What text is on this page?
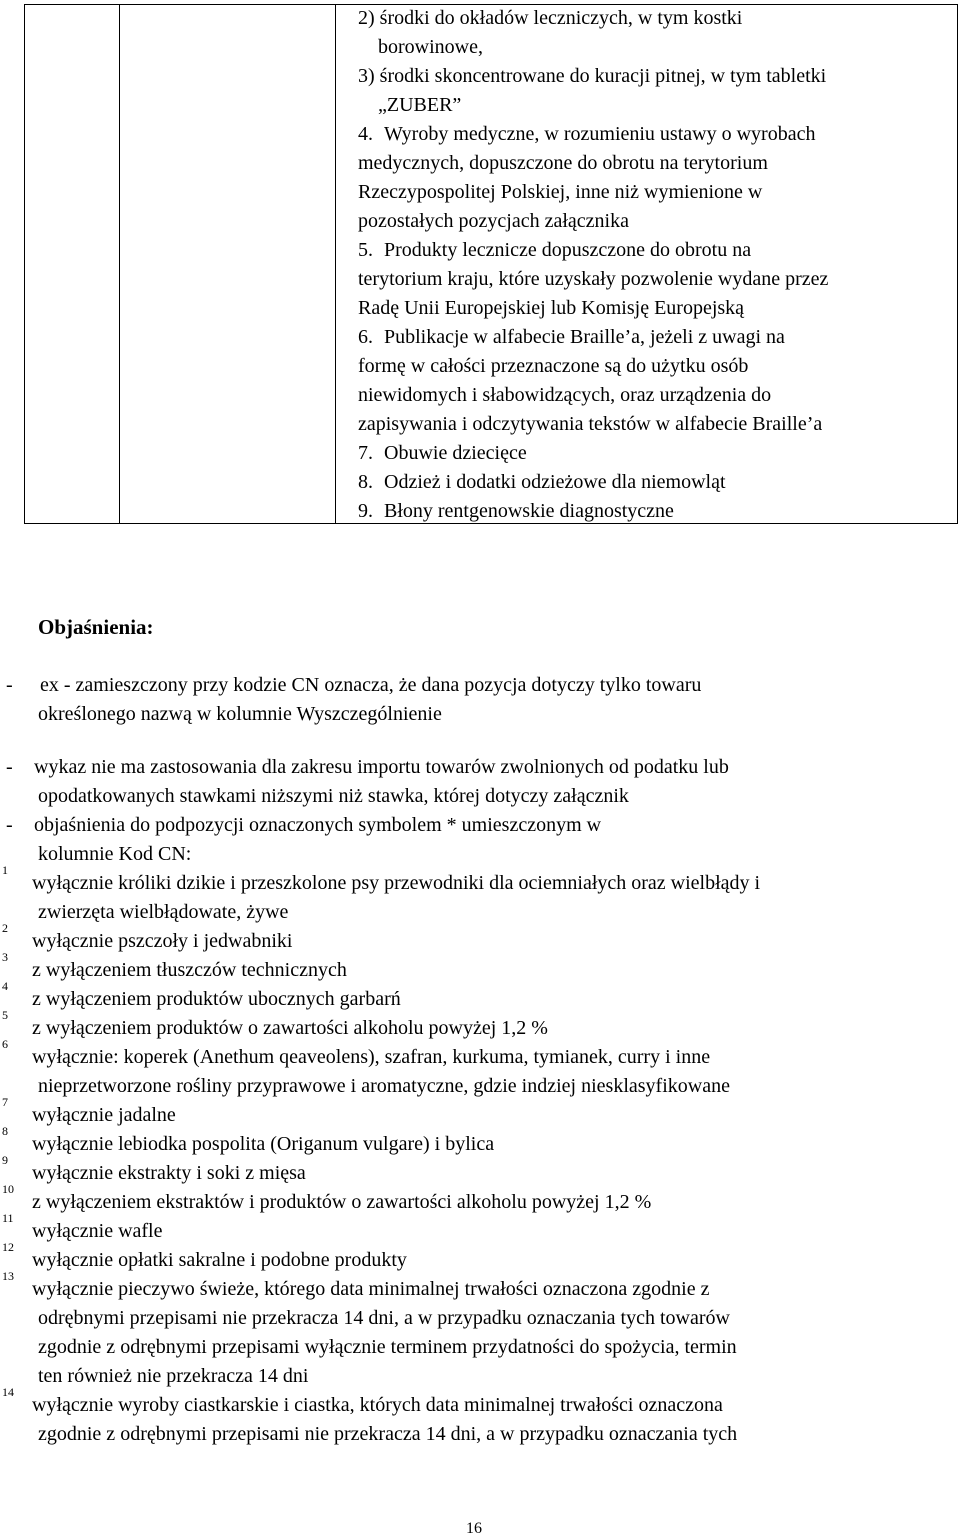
2) środki do okładów leczniczych, w tym kostki
borowinowe,
3) środki skoncentrowane do kuracji pitnej, w tym tabletki
„ZUBER”
Wyroby medyczne, w rozumieniu ustawy o wyrobach
medycznych, dopuszczone do obrotu na terytorium
Rzeczypospolitej Polskiej, inne niż wymienione w
pozostałych pozycjach załącznika
4.
Produkty lecznicze dopuszczone do obrotu na
terytorium kraju, które uzyskały pozwolenie wydane przez
Radę Unii Europejskiej lub Komisję Europejską
5.
Publikacje w alfabecie Braille’a, jeżeli z uwagi na
formę w całości przeznaczone są do użytku osób
niewidomych i słabowidzących, oraz urządzenia do
zapisywania i odczytywania tekstów w alfabecie Braille’a
6.
Obuwie dziecięce
7.
Odzież i dodatki odzieżowe dla niemowląt
8.
Błony rentgenowskie diagnostyczne
9.
Objaśnienia:
- ex - zamieszczony przy kodzie CN oznacza, że dana pozycja dotyczy tylko towaru
określonego nazwą w kolumnie Wyszczególnienie
- wykaz nie ma zastosowania dla zakresu importu towarów zwolnionych od podatku lub
opodatkowanych stawkami niższymi niż stawka, której dotyczy załącznik
- objaśnienia do podpozycji oznaczonych symbolem * umieszczonym w
kolumnie Kod CN:
1
wyłącznie króliki dzikie i przeszkolone psy przewodniki dla ociemniałych oraz wielbłądy i
zwierzęta wielbłądowate, żywe
2
wyłącznie pszczoły i jedwabniki
3
z wyłączeniem tłuszczów technicznych
4
z wyłączeniem produktów ubocznych garbarń
5
z wyłączeniem produktów o zawartości alkoholu powyżej 1,2 %
6
wyłącznie: koperek (Anethum qeaveolens), szafran, kurkuma, tymianek, curry i inne
nieprzetworzone rośliny przyprawowe i aromatyczne, gdzie indziej niesklasyfikowane
7
wyłącznie jadalne
8
wyłącznie lebiodka pospolita (Origanum vulgare) i bylica
9
wyłącznie ekstrakty i soki z mięsa
10
z wyłączeniem ekstraktów i produktów o zawartości alkoholu powyżej 1,2 %
11
wyłącznie wafle
12
wyłącznie opłatki sakralne i podobne produkty
13
wyłącznie pieczywo świeże, którego data minimalnej trwałości oznaczona zgodnie z
odrębnymi przepisami nie przekracza 14 dni, a w przypadku oznaczania tych towarów
zgodnie z odrębnymi przepisami wyłącznie terminem przydatności do spożycia, termin
ten również nie przekracza 14 dni
14
wyłącznie wyroby ciastkarskie i ciastka, których data minimalnej trwałości oznaczona
zgodnie z odrębnymi przepisami nie przekracza 14 dni, a w przypadku oznaczania tych
16
